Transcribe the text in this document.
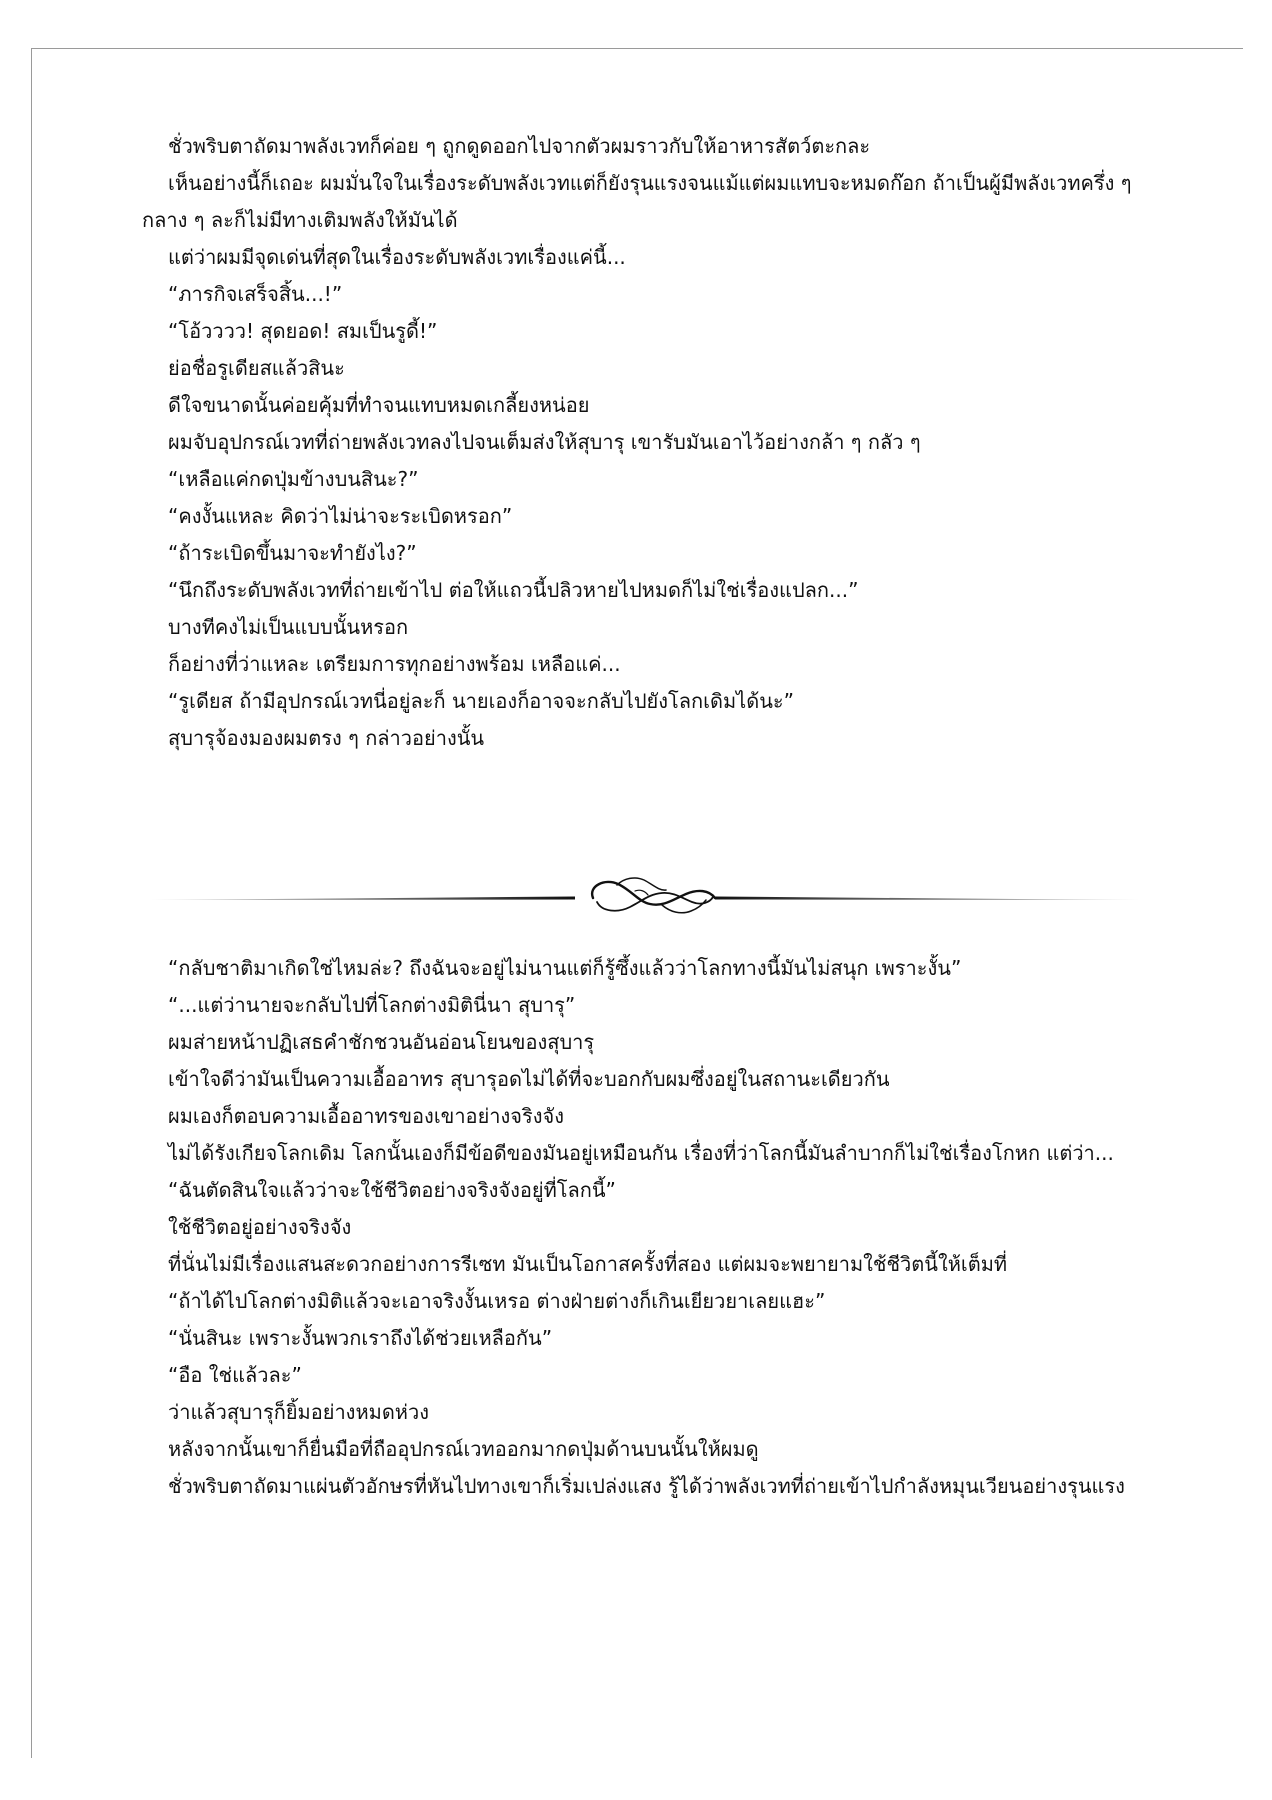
ชั่วพริบตาถัดมาพลังเวทก็ค่อย ๆ ถูกดูดออกไปจากตัวผมราวกับให้อาหารสัตว์ตะกละ

เห็นอย่างนี้ก็เถอะ ผมมั่นใจในเรื่องระดับพลังเวทแต่ก็ยังรุนแรงจนแม้แต่ผมแทบจะหมดก๊อก ถ้าเป็นผู้มีพลังเวทครึ่ง ๆ กลาง ๆ ละก็ไม่มีทางเติมพลังให้มันได้

แต่ว่าผมมีจุดเด่นที่สุดในเรื่องระดับพลังเวทเรื่องแค่นี้...

“ภารกิจเสร็จสิ้น...!”

“โอ้วววว! สุดยอด! สมเป็นรูดี้!”

ย่อชื่อรูเดียสแล้วสินะ

ดีใจขนาดนั้นค่อยคุ้มที่ทำจนแทบหมดเกลี้ยงหน่อย

ผมจับอุปกรณ์เวทที่ถ่ายพลังเวทลงไปจนเต็มส่งให้สุบารุ เขารับมันเอาไว้อย่างกล้า ๆ กลัว ๆ

“เหลือแค่กดปุ่มข้างบนสินะ?”

“คงงั้นแหละ คิดว่าไม่น่าจะระเบิดหรอก”

“ถ้าระเบิดขึ้นมาจะทำยังไง?”

“นึกถึงระดับพลังเวทที่ถ่ายเข้าไป ต่อให้แถวนี้ปลิวหายไปหมดก็ไม่ใช่เรื่องแปลก...”

บางทีคงไม่เป็นแบบนั้นหรอก

ก็อย่างที่ว่าแหละ เตรียมการทุกอย่างพร้อม เหลือแค่...

“รูเดียส ถ้ามีอุปกรณ์เวทนี่อยู่ละก็ นายเองก็อาจจะกลับไปยังโลกเดิมได้นะ”

สุบารุจ้องมองผมตรง ๆ กล่าวอย่างนั้น

“กลับชาติมาเกิดใช่ไหมล่ะ? ถึงฉันจะอยู่ไม่นานแต่ก็รู้ซึ้งแล้วว่าโลกทางนี้มันไม่สนุก เพราะงั้น”

“...แต่ว่านายจะกลับไปที่โลกต่างมิตินี่นา สุบารุ”

ผมส่ายหน้าปฏิเสธคำชักชวนอันอ่อนโยนของสุบารุ

เข้าใจดีว่ามันเป็นความเอื้ออาทร สุบารุอดไม่ได้ที่จะบอกกับผมซึ่งอยู่ในสถานะเดียวกัน

ผมเองก็ตอบความเอื้ออาทรของเขาอย่างจริงจัง

ไม่ได้รังเกียจโลกเดิม โลกนั้นเองก็มีข้อดีของมันอยู่เหมือนกัน เรื่องที่ว่าโลกนี้มันลำบากก็ไม่ใช่เรื่องโกหก แต่ว่า...

“ฉันตัดสินใจแล้วว่าจะใช้ชีวิตอย่างจริงจังอยู่ที่โลกนี้”

ใช้ชีวิตอยู่อย่างจริงจัง

ที่นั่นไม่มีเรื่องแสนสะดวกอย่างการรีเซท มันเป็นโอกาสครั้งที่สอง แต่ผมจะพยายามใช้ชีวิตนี้ให้เต็มที่

“ถ้าได้ไปโลกต่างมิติแล้วจะเอาจริงงั้นเหรอ ต่างฝ่ายต่างก็เกินเยียวยาเลยแฮะ”

“นั่นสินะ เพราะงั้นพวกเราถึงได้ช่วยเหลือกัน”

“อือ ใช่แล้วละ”

ว่าแล้วสุบารุก็ยิ้มอย่างหมดห่วง

หลังจากนั้นเขาก็ยื่นมือที่ถืออุปกรณ์เวทออกมากดปุ่มด้านบนนั้นให้ผมดู

ชั่วพริบตาถัดมาแผ่นตัวอักษรที่หันไปทางเขาก็เริ่มเปล่งแสง รู้ได้ว่าพลังเวทที่ถ่ายเข้าไปกำลังหมุนเวียนอย่างรุนแรง
